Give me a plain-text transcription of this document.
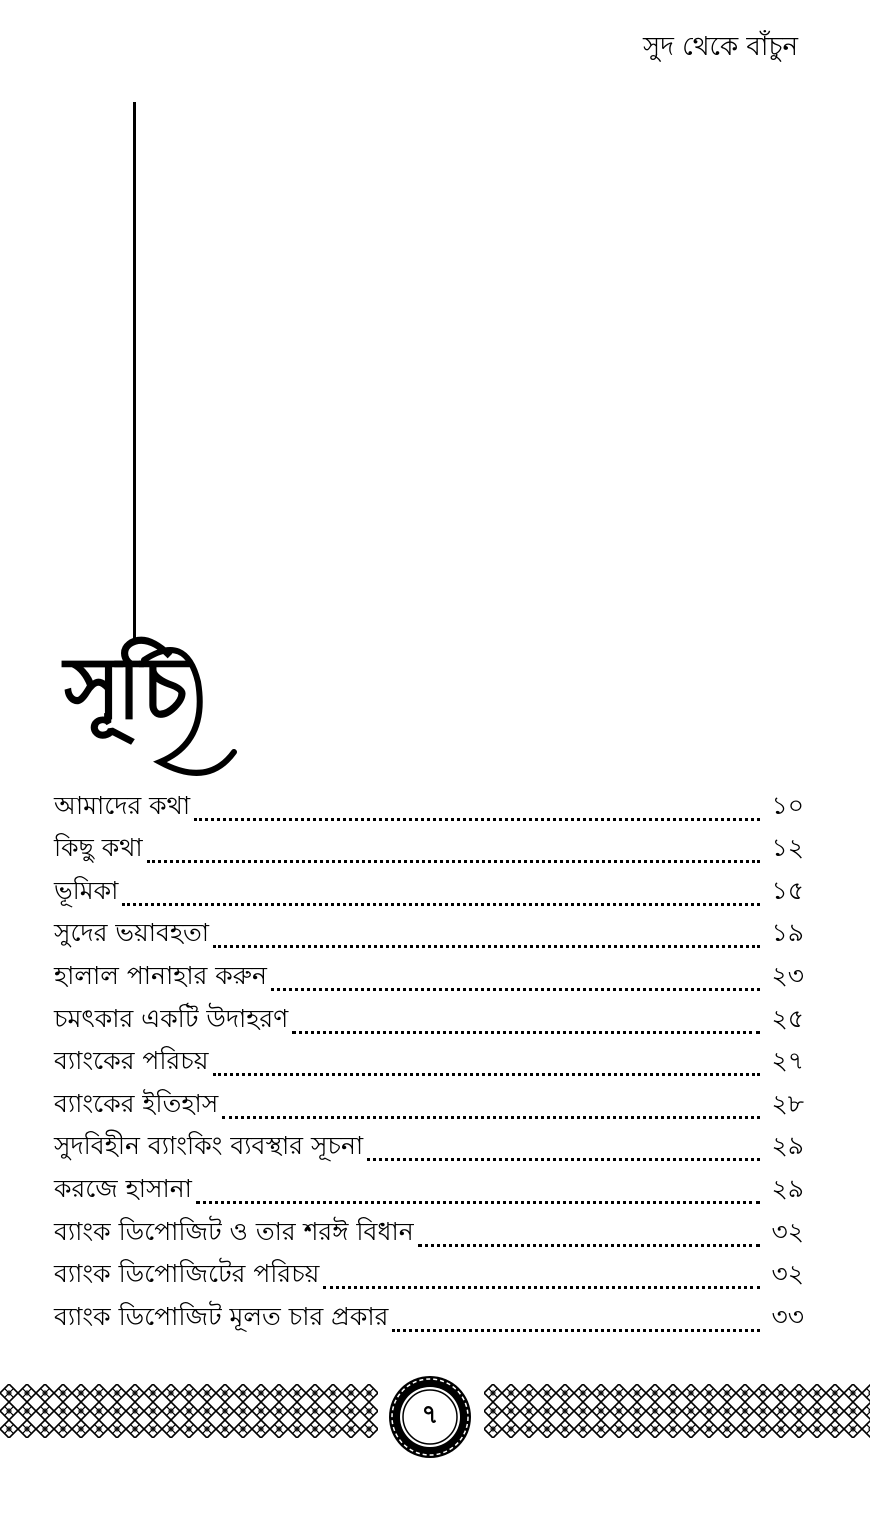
সুদ থেকে বাঁচুন
সূচি
আমাদের কথা	১০
কিছু কথা	১২
ভূমিকা	১৫
সুদের ভয়াবহতা	১৯
হালাল পানাহার করুন	২৩
চমৎকার একটি উদাহরণ	২৫
ব্যাংকের পরিচয়	২৭
ব্যাংকের ইতিহাস	২৮
সুদবিহীন ব্যাংকিং ব্যবস্থার সূচনা	২৯
করজে হাসানা	২৯
ব্যাংক ডিপোজিট ও তার শরঈ বিধান	৩২
ব্যাংক ডিপোজিটের পরিচয়	৩২
ব্যাংক ডিপোজিট মূলত চার প্রকার	৩৩
৭
